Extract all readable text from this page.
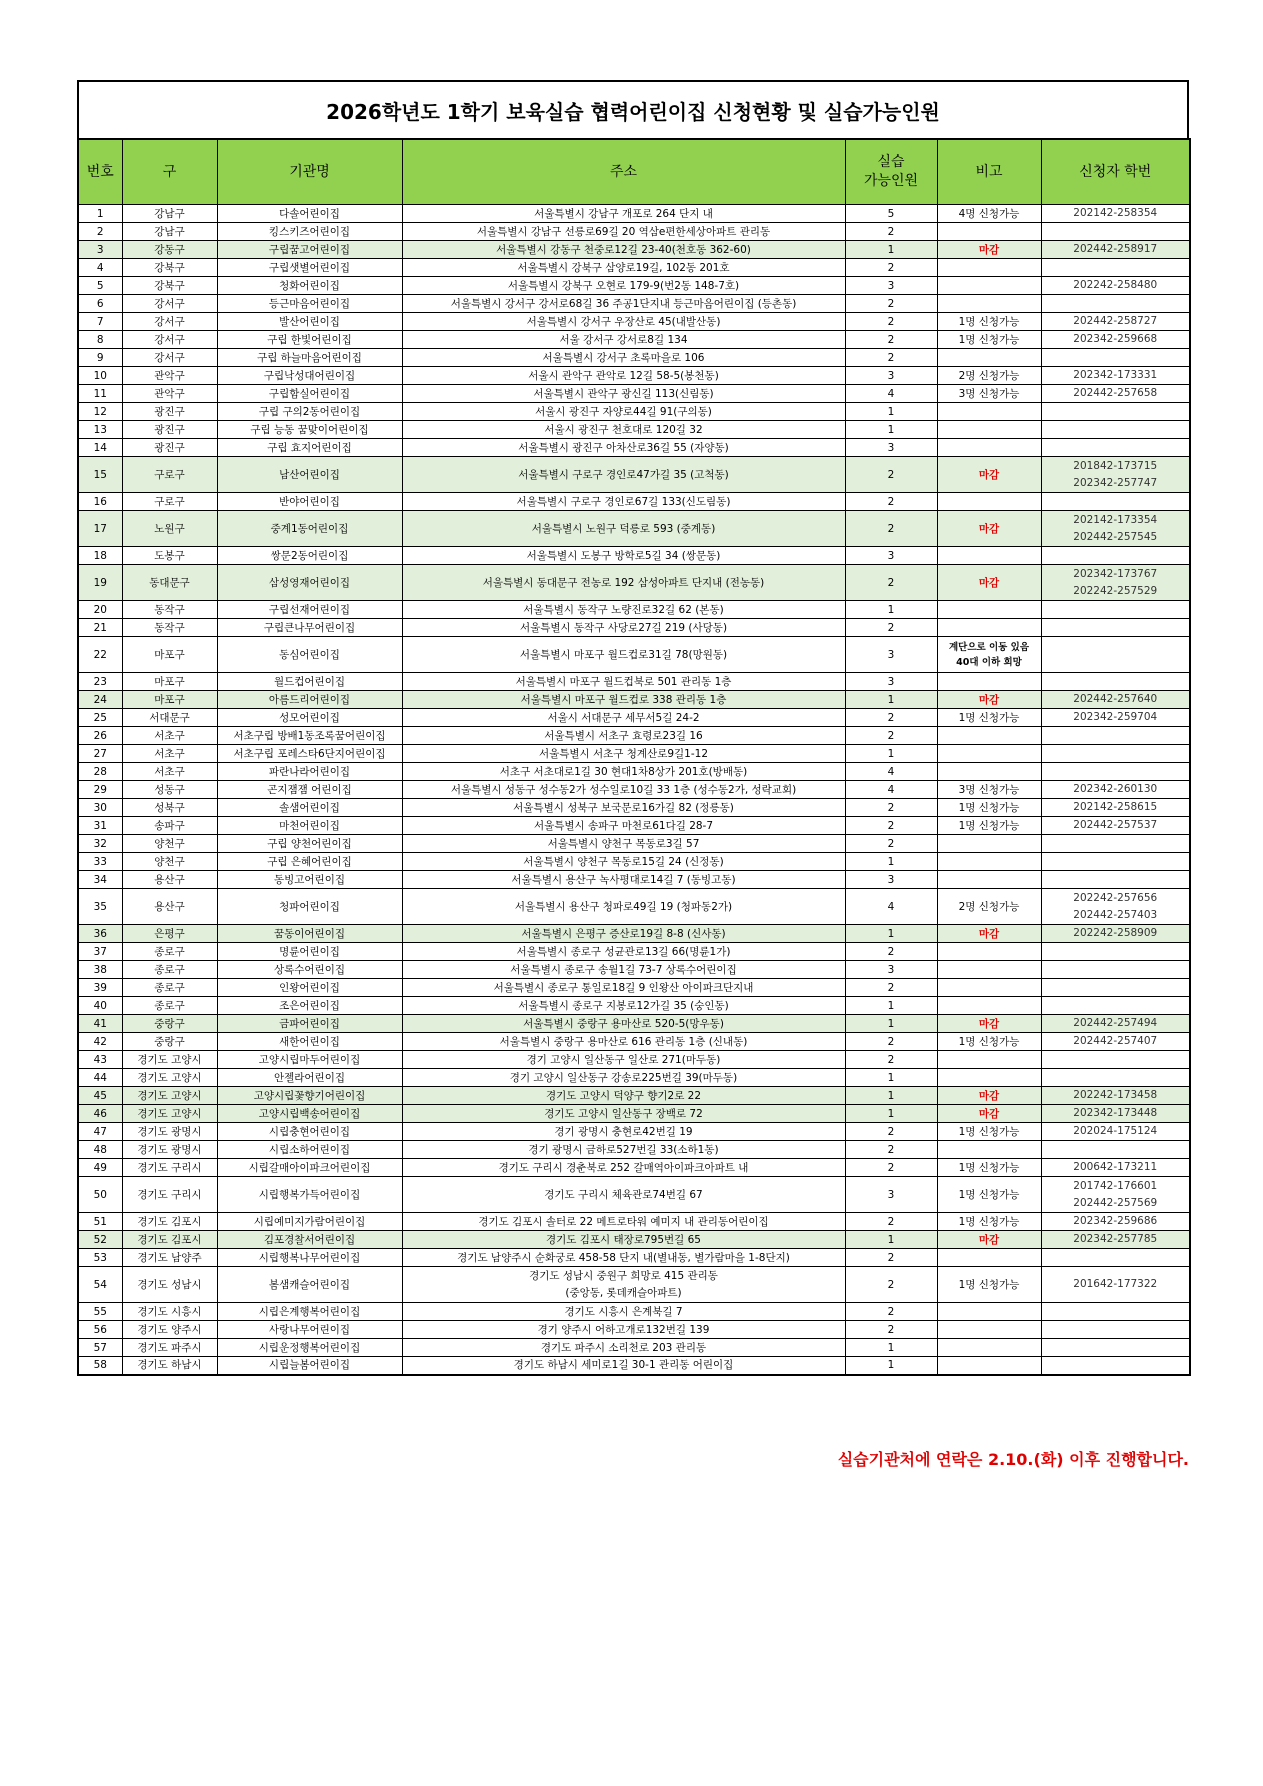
2026학년도 1학기 보육실습 협력어린이집 신청현황 및 실습가능인원
번호	구	기관명	주소	실습
가능인원	비고	신청자 학번
1	강남구	다솔어린이집	서울특별시 강남구 개포로 264 단지 내	5	4명 신청가능	202142-258354

2	강남구	킹스키즈어린이집	서울특별시 강남구 선릉로69길 20 역삼e편한세상아파트 관리동	2		
3	강동구	구립꿈고어린이집	서울특별시 강동구 천중로12길 23-40(천호동 362-60)	1	마감	202442-258917

4	강북구	구립샛별어린이집	서울특별시 강북구 삼양로19길, 102동 201호	2		
5	강북구	청화어린이집	서울특별시 강북구 오현로 179-9(번2동 148-7호)	3		202242-258480

6	강서구	등근마음어린이집	서울특별시 강서구 강서로68길 36 주공1단지내 등근마음어린이집 (등촌동)	2		
7	강서구	발산어린이집	서울특별시 강서구 우장산로 45(내발산동)	2	1명 신청가능	202442-258727

8	강서구	구립 한빛어린이집	서울 강서구 강서로8길 134	2	1명 신청가능	202342-259668

9	강서구	구립 하늘마음어린이집	서울특별시 강서구 초록마을로 106	2		
10	관악구	구립낙성대어린이집	서울시 관악구 관악로 12길 58-5(봉천동)	3	2명 신청가능	202342-173331

11	관악구	구립함실어린이집	서울특별시 관악구 광신길 113(신림동)	4	3명 신청가능	202442-257658

12	광진구	구립 구의2동어린이집	서울시 광진구 자양로44길 91(구의동)	1		
13	광진구	구립 능동 꿈맞이어린이집	서울시 광진구 천호대로 120길 32	1		
14	광진구	구립 효지어린이집	서울특별시 광진구 아차산로36길 55 (자양동)	3		
15	구로구	남산어린이집	서울특별시 구로구 경인로47가길 35 (고척동)	2	마감	201842-173715
202342-257747

16	구로구	반야어린이집	서울특별시 구로구 경인로67길 133(신도림동)	2		
17	노원구	중계1동어린이집	서울특별시 노원구 덕릉로 593 (중계동)	2	마감	202142-173354
202442-257545

18	도봉구	쌍문2동어린이집	서울특별시 도봉구 방학로5길 34 (쌍문동)	3		
19	동대문구	삼성영재어린이집	서울특별시 동대문구 전농로 192 삼성아파트 단지내 (전농동)	2	마감	202342-173767
202242-257529

20	동작구	구립선재어린이집	서울특별시 동작구 노량진로32길 62 (본동)	1		
21	동작구	구립큰나무어린이집	서울특별시 동작구 사당로27길 219 (사당동)	2		
22	마포구	동심어린이집	서울특별시 마포구 월드컵로31길 78(망원동)	3	계단으로 이동 있음
40대 이하 희망	
23	마포구	월드컵어린이집	서울특별시 마포구 월드컵북로 501 관리동 1층	3		
24	마포구	아름드리어린이집	서울특별시 마포구 월드컵로 338 관리동 1층	1	마감	202442-257640

25	서대문구	성모어린이집	서울시 서대문구 세무서5길 24-2	2	1명 신청가능	202342-259704

26	서초구	서초구립 방배1동조록꿈어린이집	서울특별시 서초구 효령로23길 16	2		
27	서초구	서초구립 포레스타6단지어린이집	서울특별시 서초구 청계산로9길1-12	1		
28	서초구	파란나라어린이집	서초구 서초대로1길 30 현대1차8상가 201호(방배동)	4		
29	성동구	곤지잼잼 어린이집	서울특별시 성동구 성수동2가 성수일로10길 33 1층 (성수동2가, 성락교회)	4	3명 신청가능	202342-260130

30	성북구	솔샘어린이집	서울특별시 성북구 보국문로16가길 82 (정릉동)	2	1명 신청가능	202142-258615

31	송파구	마천어린이집	서울특별시 송파구 마천로61다길 28-7	2	1명 신청가능	202442-257537

32	양천구	구립 양천어린이집	서울특별시 양천구 목동로3길 57	2		
33	양천구	구립 은혜어린이집	서울특별시 양천구 목동로15길 24 (신정동)	1		
34	용산구	동빙고어린이집	서울특별시 용산구 녹사평대로14길 7 (동빙고동)	3		
35	용산구	청파어린이집	서울특별시 용산구 청파로49길 19 (청파동2가)	4	2명 신청가능	202242-257656
202442-257403

36	은평구	꿈동이어린이집	서울특별시 은평구 증산로19길 8-8 (신사동)	1	마감	202242-258909

37	종로구	명륜어린이집	서울특별시 종로구 성균관로13길 66(명륜1가)	2		
38	종로구	상록수어린이집	서울특별시 종로구 송월1길 73-7 상록수어린이집	3		
39	종로구	인왕어린이집	서울특별시 종로구 통일로18길 9 인왕산 아이파크단지내	2		
40	종로구	조은어린이집	서울특별시 종로구 지봉로12가길 35 (숭인동)	1		
41	중랑구	금파어린이집	서울특별시 중랑구 용마산로 520-5(망우동)	1	마감	202442-257494

42	중랑구	새한어린이집	서울특별시 중랑구 용마산로 616 관리동 1층 (신내동)	2	1명 신청가능	202442-257407

43	경기도 고양시	고양시립마두어린이집	경기 고양시 일산동구 일산로 271(마두동)	2		
44	경기도 고양시	안젤라어린이집	경기 고양시 일산동구 강송로225번길 39(마두동)	1		
45	경기도 고양시	고양시립꽃향기어린이집	경기도 고양시 덕양구 향기2로 22	1	마감	202242-173458

46	경기도 고양시	고양시립백송어린이집	경기도 고양시 일산동구 장백로 72	1	마감	202342-173448

47	경기도 광명시	시립충현어린이집	경기 광명시 충현로42번길 19	2	1명 신청가능	202024-175124

48	경기도 광명시	시립소하어린이집	경기 광명시 금하로527번길 33(소하1동)	2		
49	경기도 구리시	시립갈매아이파크어린이집	경기도 구리시 경춘북로 252 갈매역아이파크아파트 내	2	1명 신청가능	200642-173211

50	경기도 구리시	시립행복가득어린이집	경기도 구리시 체육관로74번길 67	3	1명 신청가능	201742-176601
202442-257569

51	경기도 김포시	시립예미지가람어린이집	경기도 김포시 솔터로 22 메트로타워 예미지 내 관리동어린이집	2	1명 신청가능	202342-259686

52	경기도 김포시	김포경찰서어린이집	경기도 김포시 태장로795번길 65	1	마감	202342-257785

53	경기도 남양주	시립행복나무어린이집	경기도 남양주시 순화궁로 458-58 단지 내(별내동, 별가람마을 1-8단지)	2		
54	경기도 성남시	봄샘캐슬어린이집	경기도 성남시 중원구 희망로 415 관리동
(중앙동, 롯데캐슬아파트)	2	1명 신청가능	201642-177322

55	경기도 시흥시	시립은계행복어린이집	경기도 시흥시 은계북길 7	2		
56	경기도 양주시	사랑나무어린이집	경기 양주시 어하고개로132번길 139	2		
57	경기도 파주시	시립운정행복어린이집	경기도 파주시 소리천로 203 관리동	1		
58	경기도 하남시	시립늘봄어린이집	경기도 하남시 세미로1길 30-1 관리동 어린이집	1		
실습기관처에 연락은 2.10.(화) 이후 진행합니다.
